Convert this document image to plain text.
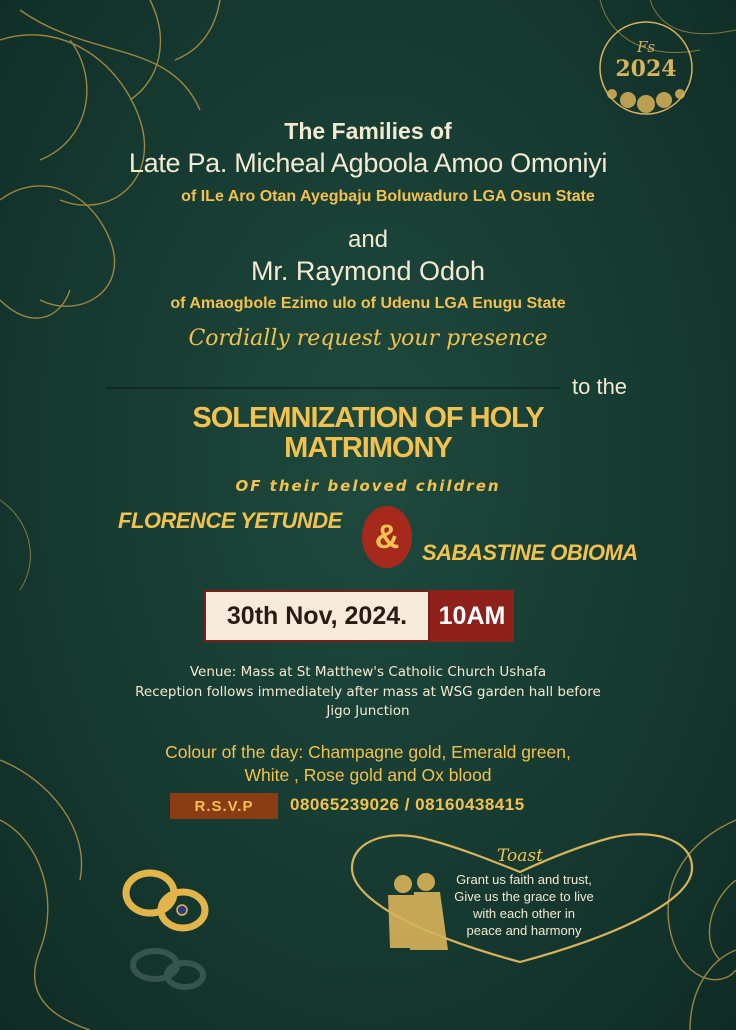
Fs
2024
The Families of
Late Pa. Micheal Agboola Amoo Omoniyi
of ILe Aro Otan Ayegbaju Boluwaduro LGA Osun State
and
Mr. Raymond Odoh
of Amaogbole Ezimo ulo of Udenu LGA Enugu State
Cordially request your presence
to the
SOLEMNIZATION OF HOLY
MATRIMONY
OF their beloved children
FLORENCE YETUNDE & SABASTINE OBIOMA
30th Nov, 2024. 10AM
Venue: Mass at St Matthew's Catholic Church Ushafa
Reception follows immediately after mass at WSG garden hall before
Jigo Junction
Colour of the day: Champagne gold, Emerald green,
White , Rose gold and Ox blood
R.S.V.P 08065239026 / 08160438415
Toast
Grant us faith and trust,
Give us the grace to live
with each other in
peace and harmony
